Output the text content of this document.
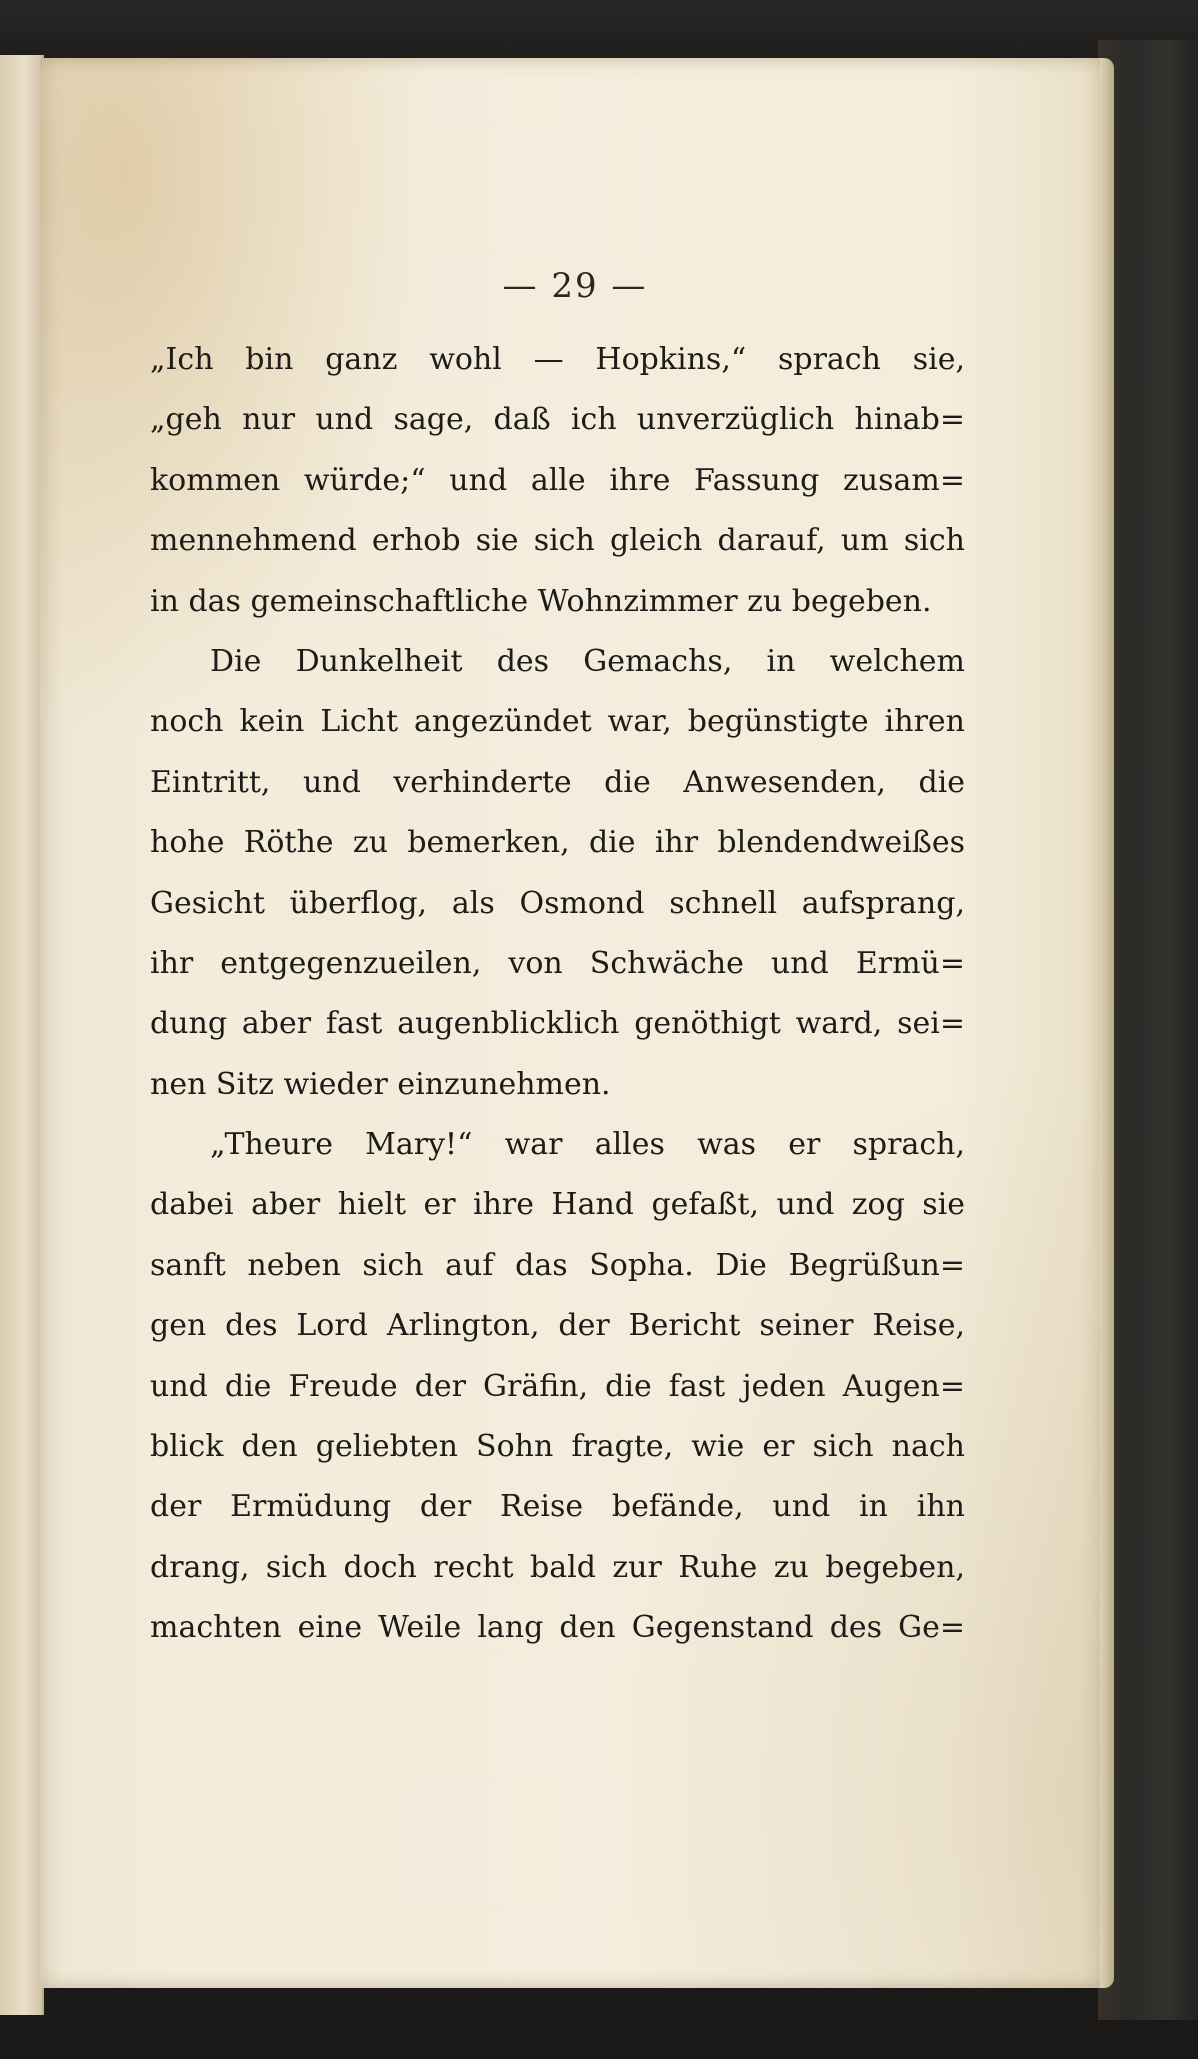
— 29 —
„Ich bin ganz wohl — Hopkins,“ sprach sie,
„geh nur und sage, daß ich unverzüglich hinab=
kommen würde;“ und alle ihre Fassung zusam=
mennehmend erhob sie sich gleich darauf, um sich
in das gemeinschaftliche Wohnzimmer zu begeben.
Die Dunkelheit des Gemachs, in welchem
noch kein Licht angezündet war, begünstigte ihren
Eintritt, und verhinderte die Anwesenden, die
hohe Röthe zu bemerken, die ihr blendendweißes
Gesicht überflog, als Osmond schnell aufsprang,
ihr entgegenzueilen, von Schwäche und Ermü=
dung aber fast augenblicklich genöthigt ward, sei=
nen Sitz wieder einzunehmen.
„Theure Mary!“ war alles was er sprach,
dabei aber hielt er ihre Hand gefaßt, und zog sie
sanft neben sich auf das Sopha. Die Begrüßun=
gen des Lord Arlington, der Bericht seiner Reise,
und die Freude der Gräfin, die fast jeden Augen=
blick den geliebten Sohn fragte, wie er sich nach
der Ermüdung der Reise befände, und in ihn
drang, sich doch recht bald zur Ruhe zu begeben,
machten eine Weile lang den Gegenstand des Ge=
